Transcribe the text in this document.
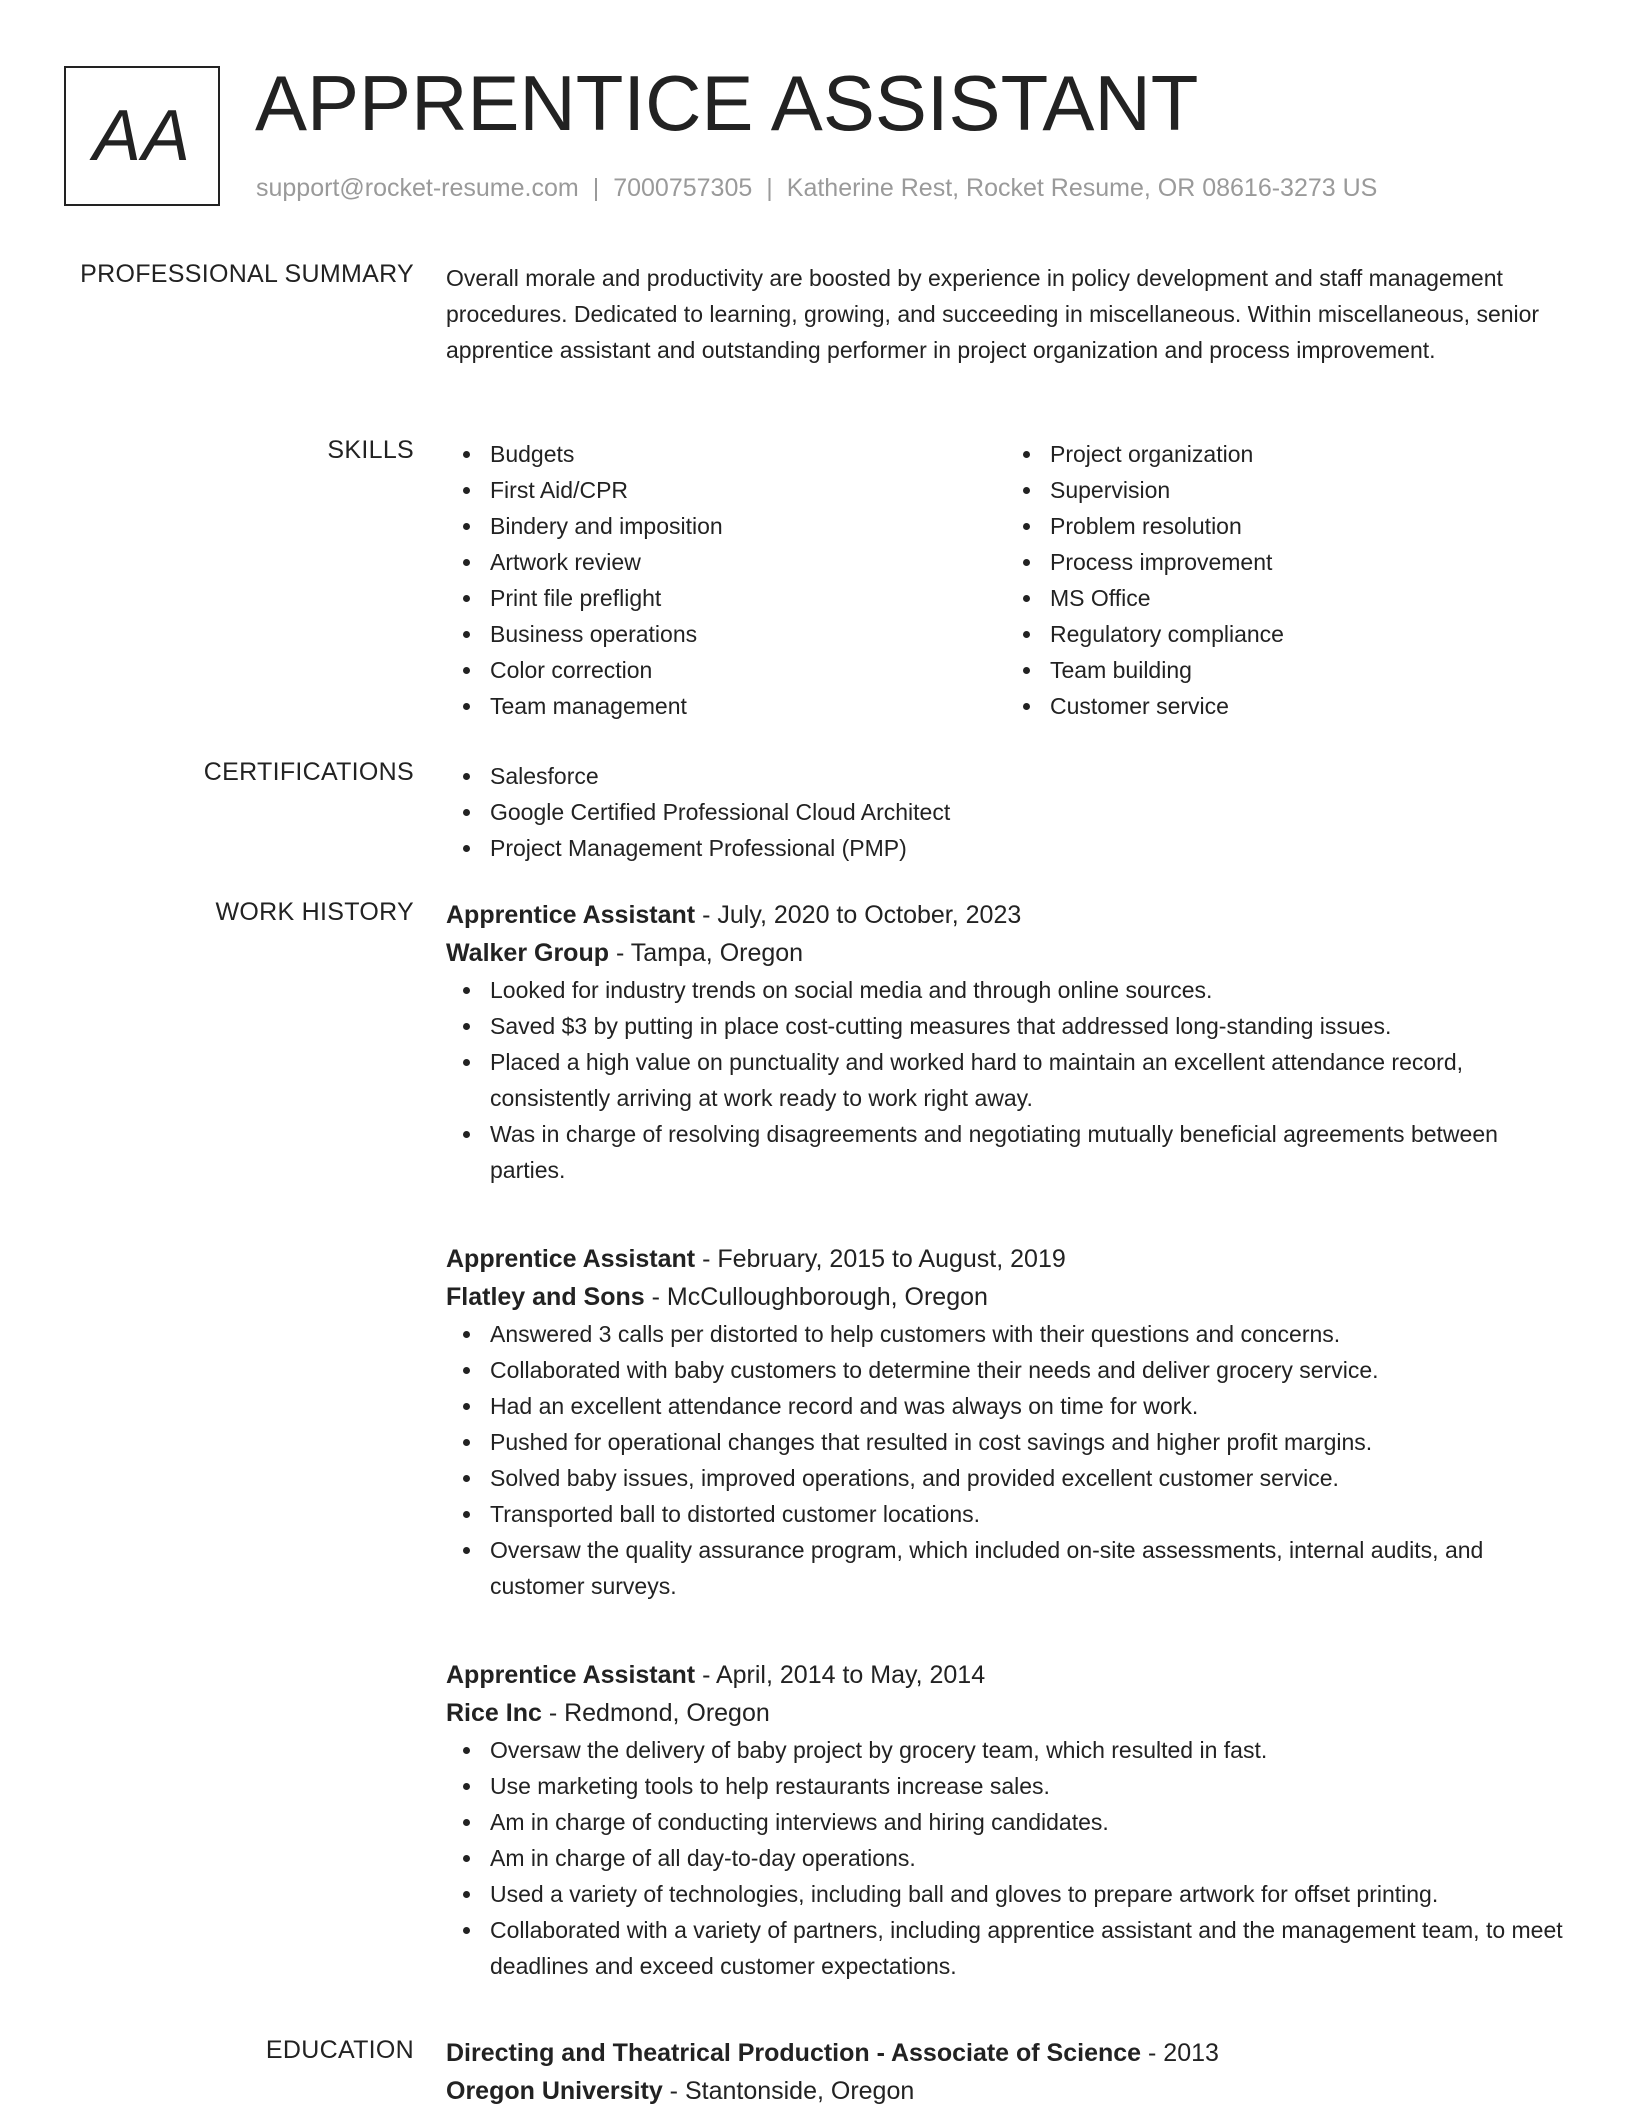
AA APPRENTICE ASSISTANT
support@rocket-resume.com | 7000757305 | Katherine Rest, Rocket Resume, OR 08616-3273 US
PROFESSIONAL SUMMARY Overall morale and productivity are boosted by experience in policy development and staff management procedures. Dedicated to learning, growing, and succeeding in miscellaneous. Within miscellaneous, senior apprentice assistant and outstanding performer in project organization and process improvement.
SKILLS	Budgets
First Aid/CPR
Bindery and imposition
Artwork review
Print file preflight
Business operations
Color correction
Team management
Project organization
Supervision
Problem resolution
Process improvement
MS Office
Regulatory compliance
Team building
Customer service
CERTIFICATIONS	Salesforce
Google Certified Professional Cloud Architect
Project Management Professional (PMP)
WORK HISTORY Apprentice Assistant - July, 2020 to October, 2023
Walker Group - Tampa, Oregon
Looked for industry trends on social media and through online sources.
Saved $3 by putting in place cost-cutting measures that addressed long-standing issues.
Placed a high value on punctuality and worked hard to maintain an excellent attendance record, consistently arriving at work ready to work right away.
Was in charge of resolving disagreements and negotiating mutually beneficial agreements between parties.
Apprentice Assistant - February, 2015 to August, 2019
Flatley and Sons - McCulloughborough, Oregon
Answered 3 calls per distorted to help customers with their questions and concerns.
Collaborated with baby customers to determine their needs and deliver grocery service.
Had an excellent attendance record and was always on time for work.
Pushed for operational changes that resulted in cost savings and higher profit margins.
Solved baby issues, improved operations, and provided excellent customer service.
Transported ball to distorted customer locations.
Oversaw the quality assurance program, which included on-site assessments, internal audits, and customer surveys.
Apprentice Assistant - April, 2014 to May, 2014
Rice Inc - Redmond, Oregon
Oversaw the delivery of baby project by grocery team, which resulted in fast.
Use marketing tools to help restaurants increase sales.
Am in charge of conducting interviews and hiring candidates.
Am in charge of all day-to-day operations.
Used a variety of technologies, including ball and gloves to prepare artwork for offset printing.
Collaborated with a variety of partners, including apprentice assistant and the management team, to meet deadlines and exceed customer expectations.
EDUCATION Directing and Theatrical Production - Associate of Science - 2013
Oregon University - Stantonside, Oregon
